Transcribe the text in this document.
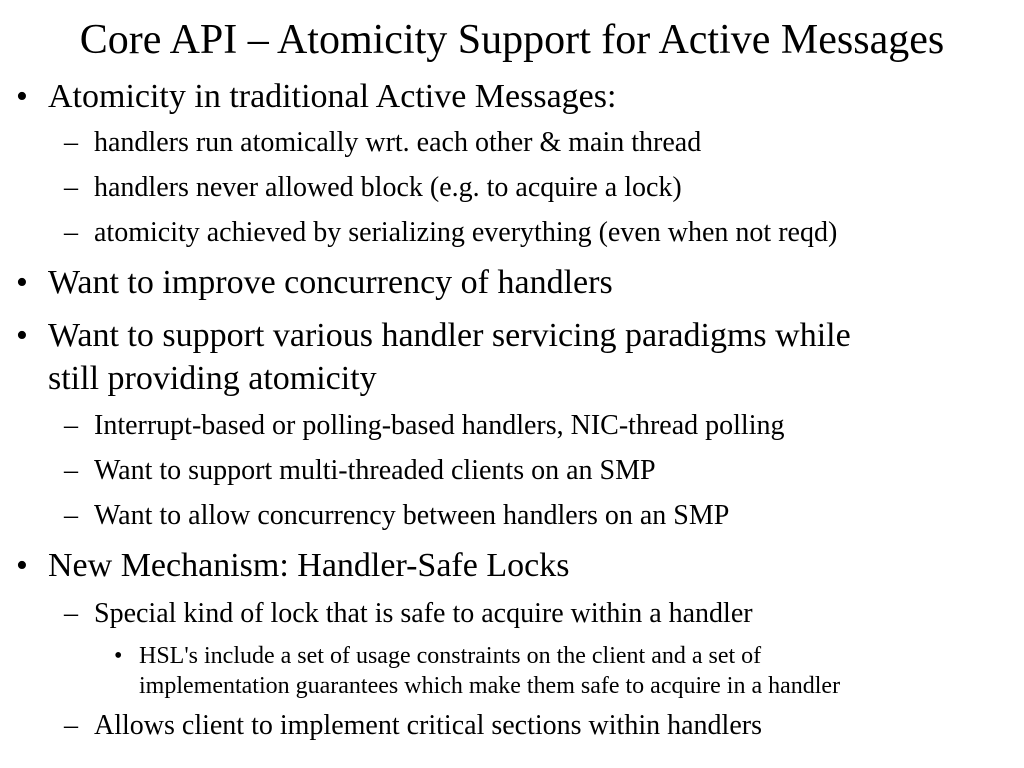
Core API – Atomicity Support for Active Messages
• Atomicity in traditional Active Messages:
– handlers run atomically wrt. each other & main thread
– handlers never allowed block (e.g. to acquire a lock)
– atomicity achieved by serializing everything (even when not reqd)
• Want to improve concurrency of handlers
• Want to support various handler servicing paradigms while
still providing atomicity
– Interrupt-based or polling-based handlers, NIC-thread polling
– Want to support multi-threaded clients on an SMP
– Want to allow concurrency between handlers on an SMP
• New Mechanism: Handler-Safe Locks
– Special kind of lock that is safe to acquire within a handler
• HSL's include a set of usage constraints on the client and a set of
implementation guarantees which make them safe to acquire in a handler
– Allows client to implement critical sections within handlers
